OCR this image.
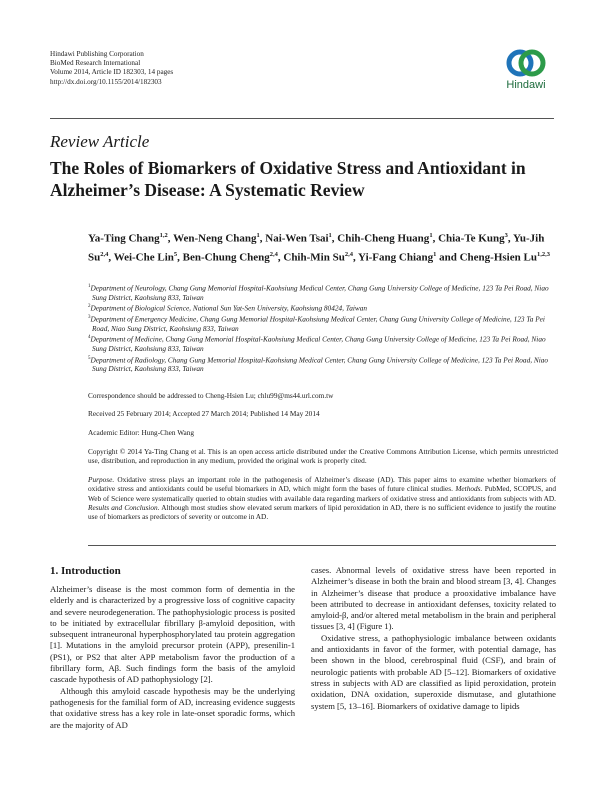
Hindawi Publishing Corporation
BioMed Research International
Volume 2014, Article ID 182303, 14 pages
http://dx.doi.org/10.1155/2014/182303	Hindawi
Review Article
The Roles of Biomarkers of Oxidative Stress and Antioxidant in Alzheimer’s Disease: A Systematic Review
Ya-Ting Chang$^{1,2}$, Wen-Neng Chang$^1$, Nai-Wen Tsai$^1$, Chih-Cheng Huang$^1$, Chia-Te Kung$^3$, Yu-Jih Su$^{2,4}$, Wei-Che Lin$^5$, Ben-Chung Cheng$^{2,4}$, Chih-Min Su$^{2,4}$, Yi-Fang Chiang$^1$ and Cheng-Hsien Lu$^{1,2,3}$

$^1$Department of Neurology, Chang Gung Memorial Hospital-Kaohsiung Medical Center, Chang Gung University College of Medicine, 123 Ta Pei Road, Niao Sung District, Kaohsiung 833, Taiwan

$^2$Department of Biological Science, National Sun Yat-Sen University, Kaohsiung 80424, Taiwan

$^3$Department of Emergency Medicine, Chang Gung Memorial Hospital-Kaohsiung Medical Center, Chang Gung University College of Medicine, 123 Ta Pei Road, Niao Sung District, Kaohsiung 833, Taiwan

$^4$Department of Medicine, Chang Gung Memorial Hospital-Kaohsiung Medical Center, Chang Gung University College of Medicine, 123 Ta Pei Road, Niao Sung District, Kaohsiung 833, Taiwan

$^5$Department of Radiology, Chang Gung Memorial Hospital-Kaohsiung Medical Center, Chang Gung University College of Medicine, 123 Ta Pei Road, Niao Sung District, Kaohsiung 833, Taiwan

Correspondence should be addressed to Cheng-Hsien Lu; chlu99@ms44.url.com.tw
Received 25 February 2014; Accepted 27 March 2014; Published 14 May 2014
Academic Editor: Hung-Chen Wang
Copyright © 2014 Ya-Ting Chang et al. This is an open access article distributed under the Creative Commons Attribution License, which permits unrestricted use, distribution, and reproduction in any medium, provided the original work is properly cited.
Purpose. Oxidative stress plays an important role in the pathogenesis of Alzheimer’s disease (AD). This paper aims to examine whether biomarkers of oxidative stress and antioxidants could be useful biomarkers in AD, which might form the bases of future clinical studies. Methods. PubMed, SCOPUS, and Web of Science were systematically queried to obtain studies with available data regarding markers of oxidative stress and antioxidants from subjects with AD. Results and Conclusion. Although most studies show elevated serum markers of lipid peroxidation in AD, there is no sufficient evidence to justify the routine use of biomarkers as predictors of severity or outcome in AD.
1. Introduction

Alzheimer’s disease is the most common form of dementia in the elderly and is characterized by a progressive loss of cognitive capacity and severe neurodegeneration. The pathophysiologic process is posited to be initiated by extracellular fibrillary β-amyloid deposition, with subsequent intraneuronal hyperphosphorylated tau protein aggregation [1]. Mutations in the amyloid precursor protein (APP), presenilin-1 (PS1), or PS2 that alter APP metabolism favor the production of a fibrillary form, Aβ. Such findings form the basis of the amyloid cascade hypothesis of AD pathophysiology [2].

Although this amyloid cascade hypothesis may be the underlying pathogenesis for the familial form of AD, increasing evidence suggests that oxidative stress has a key role in late-onset sporadic forms, which are the majority of AD

cases. Abnormal levels of oxidative stress have been reported in Alzheimer’s disease in both the brain and blood stream [3, 4]. Changes in Alzheimer’s disease that produce a prooxidative imbalance have been attributed to decrease in antioxidant defenses, toxicity related to amyloid-β, and/or altered metal metabolism in the brain and peripheral tissues [3, 4] (Figure 1).

Oxidative stress, a pathophysiologic imbalance between oxidants and antioxidants in favor of the former, with potential damage, has been shown in the blood, cerebrospinal fluid (CSF), and brain of neurologic patients with probable AD [5–12]. Biomarkers of oxidative stress in subjects with AD are classified as lipid peroxidation, protein oxidation, DNA oxidation, superoxide dismutase, and glutathione system [5, 13–16]. Biomarkers of oxidative damage to lipids
